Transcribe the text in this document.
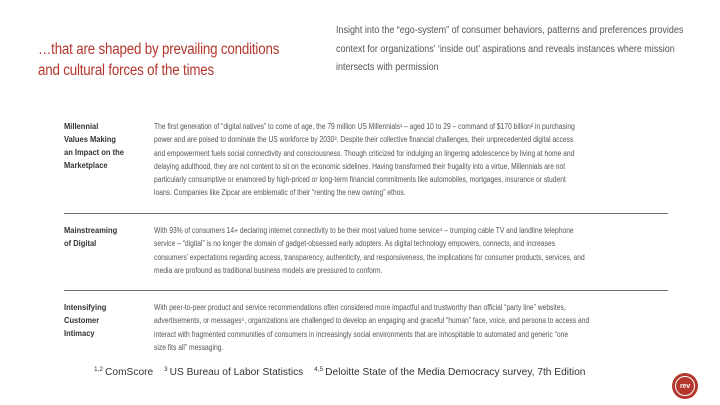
…that are shaped by prevailing conditions
and cultural forces of the times
Insight into the “ego-system” of consumer behaviors, patterns and preferences provides
context for organizations’ ‘inside out’ aspirations and reveals instances where mission
intersects with permission
Millennial
Values Making
an Impact on the
Marketplace
The first generation of “digital natives” to come of age, the 79 million US Millennials¹ – aged 10 to 29 – command of $170 billion² in purchasing
power and are poised to dominate the US workforce by 2030³. Despite their collective financial challenges, their unprecedented digital access
and empowerment fuels social connectivity and consciousness. Though criticized for indulging an lingering adolescence by living at home and
delaying adulthood, they are not content to sit on the economic sidelines. Having transformed their frugality into a virtue, Millennials are not
particularly consumptive or enamored by high-priced or long-term financial commitments like automobiles, mortgages, insurance or student
loans. Companies like Zipcar are emblematic of their “renting the new owning” ethos.
Mainstreaming
of Digital
With 93% of consumers 14+ declaring internet connectivity to be their most valued home service⁴ – trumping cable TV and landline telephone
service – “digital” is no longer the domain of gadget-obsessed early adopters. As digital technology empowers, connects, and increases
consumers’ expectations regarding access, transparency, authenticity, and responsiveness, the implications for consumer products, services, and
media are profound as traditional business models are pressured to conform.
Intensifying
Customer
Intimacy
With peer-to-peer product and service recommendations often considered more impactful and trustworthy than official “party line” websites,
advertisements, or messages⁵, organizations are challenged to develop an engaging and graceful “human” face, voice, and persona to access and
interact with fragmented communities of consumers in increasingly social environments that are inhospitable to automated and generic “one
size fits all” messaging.
$^{1,2}$ ComScore $^3$ US Bureau of Labor Statistics $^{4,5}$ Deloitte State of the Media Democracy survey, 7th Edition
rev
